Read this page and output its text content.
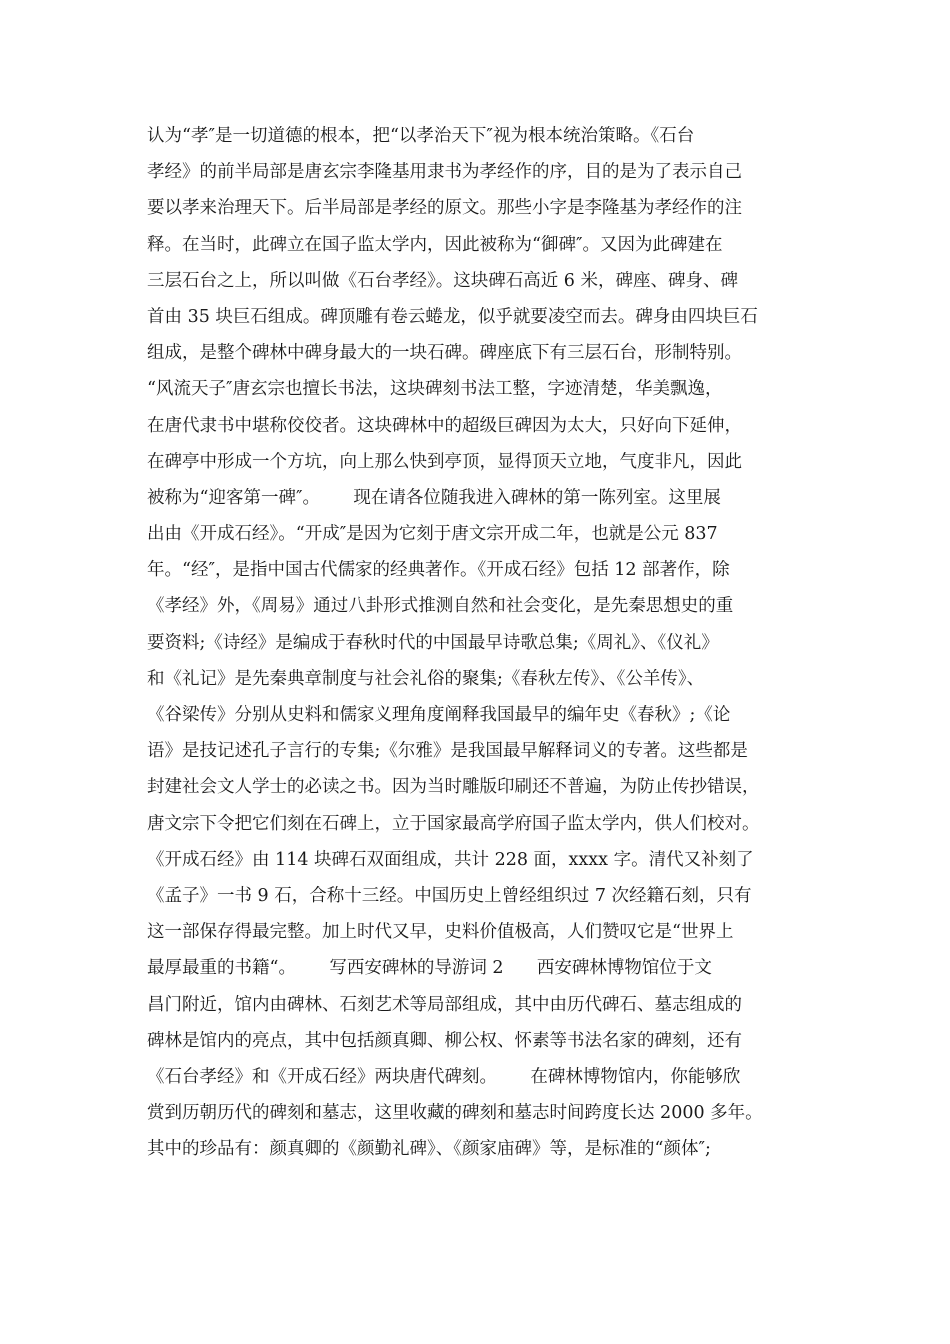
认为“孝″是一切道德的根本，把“以孝治天下″视为根本统治策略。《石台
孝经》的前半局部是唐玄宗李隆基用隶书为孝经作的序，目的是为了表示自己
要以孝来治理天下。后半局部是孝经的原文。那些小字是李隆基为孝经作的注
释。在当时，此碑立在国子监太学内，因此被称为“御碑″。又因为此碑建在
三层石台之上，所以叫做《石台孝经》。这块碑石高近 6 米，碑座、碑身、碑
首由 35 块巨石组成。碑顶雕有卷云蜷龙，似乎就要凌空而去。碑身由四块巨石
组成，是整个碑林中碑身最大的一块石碑。碑座底下有三层石台，形制特别。
“风流天子″唐玄宗也擅长书法，这块碑刻书法工整，字迹清楚，华美飘逸，
在唐代隶书中堪称佼佼者。这块碑林中的超级巨碑因为太大，只好向下延伸，
在碑亭中形成一个方坑，向上那么快到亭顶，显得顶天立地，气度非凡，因此
被称为“迎客第一碑″。      现在请各位随我进入碑林的第一陈列室。这里展
出由《开成石经》。“开成″是因为它刻于唐文宗开成二年，也就是公元 837
年。“经″，是指中国古代儒家的经典著作。《开成石经》包括 12 部著作，除
《孝经》外，《周易》通过八卦形式推测自然和社会变化，是先秦思想史的重
要资料;《诗经》是编成于春秋时代的中国最早诗歌总集;《周礼》、《仪礼》
和《礼记》是先秦典章制度与社会礼俗的聚集;《春秋左传》、《公羊传》、
《谷梁传》分别从史料和儒家义理角度阐释我国最早的编年史《春秋》;《论
语》是技记述孔子言行的专集;《尔雅》是我国最早解释词义的专著。这些都是
封建社会文人学士的必读之书。因为当时雕版印刷还不普遍，为防止传抄错误，
唐文宗下令把它们刻在石碑上，立于国家最高学府国子监太学内，供人们校对。
《开成石经》由 114 块碑石双面组成，共计 228 面，xxxx 字。清代又补刻了
《孟子》一书 9 石，合称十三经。中国历史上曾经组织过 7 次经籍石刻，只有
这一部保存得最完整。加上时代又早，史料价值极高，人们赞叹它是“世界上
最厚最重的书籍“。      写西安碑林的导游词 2      西安碑林博物馆位于文
昌门附近，馆内由碑林、石刻艺术等局部组成，其中由历代碑石、墓志组成的
碑林是馆内的亮点，其中包括颜真卿、柳公权、怀素等书法名家的碑刻，还有
《石台孝经》和《开成石经》两块唐代碑刻。      在碑林博物馆内，你能够欣
赏到历朝历代的碑刻和墓志，这里收藏的碑刻和墓志时间跨度长达 2000 多年。
其中的珍品有：颜真卿的《颜勤礼碑》、《颜家庙碑》等，是标准的“颜体″;
